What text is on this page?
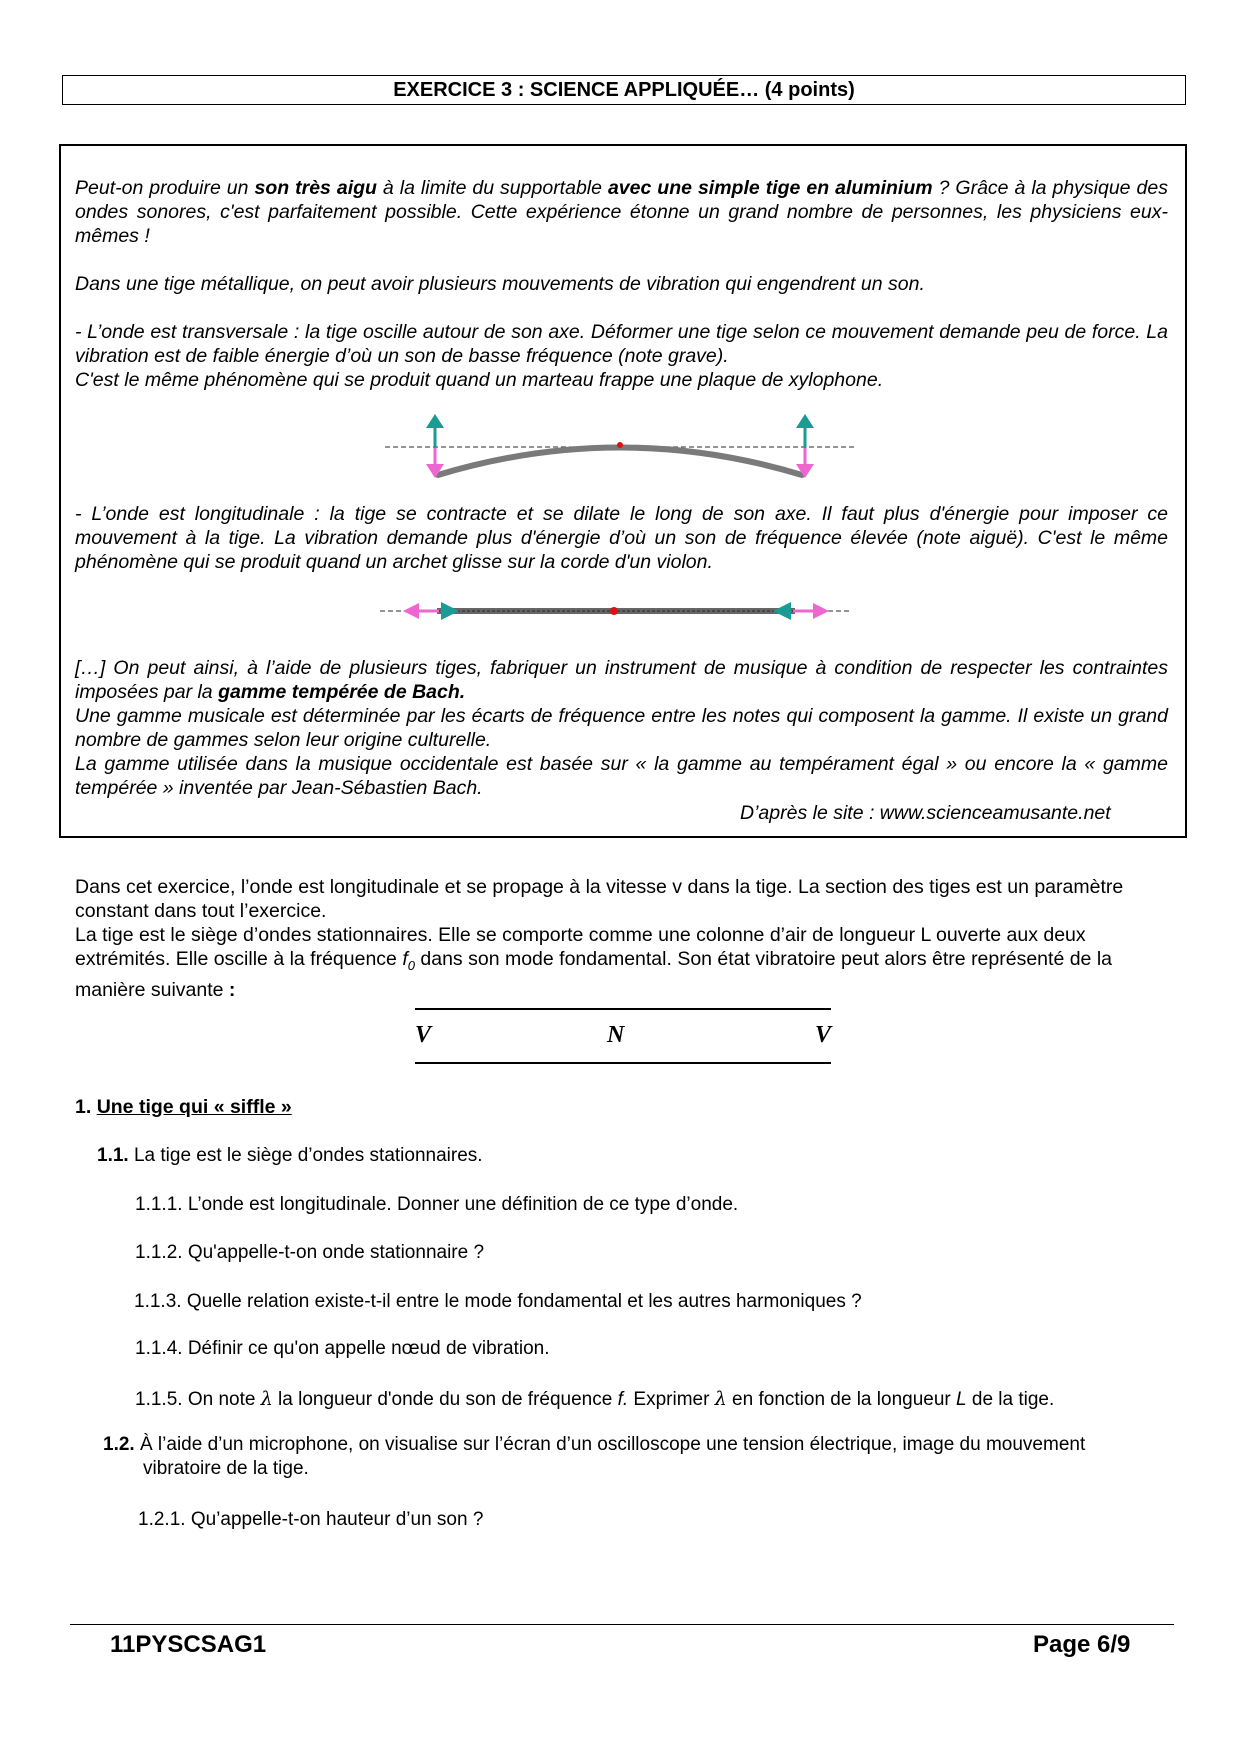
EXERCICE 3 : SCIENCE APPLIQUÉE… (4 points)

Peut-on produire un son très aigu à la limite du supportable avec une simple tige en aluminium ? Grâce à la physique des ondes sonores, c'est parfaitement possible. Cette expérience étonne un grand nombre de personnes, les physiciens eux-mêmes !

Dans une tige métallique, on peut avoir plusieurs mouvements de vibration qui engendrent un son.

- L’onde est transversale : la tige oscille autour de son axe. Déformer une tige selon ce mouvement demande peu de force. La vibration est de faible énergie d’où un son de basse fréquence (note grave).
C'est le même phénomène qui se produit quand un marteau frappe une plaque de xylophone.

- L’onde est longitudinale : la tige se contracte et se dilate le long de son axe. Il faut plus d'énergie pour imposer ce mouvement à la tige. La vibration demande plus d'énergie d’où un son de fréquence élevée (note aiguë). C'est le même phénomène qui se produit quand un archet glisse sur la corde d'un violon.

[…] On peut ainsi, à l’aide de plusieurs tiges, fabriquer un instrument de musique à condition de respecter les contraintes imposées par la gamme tempérée de Bach.
Une gamme musicale est déterminée par les écarts de fréquence entre les notes qui composent la gamme. Il existe un grand nombre de gammes selon leur origine culturelle.
La gamme utilisée dans la musique occidentale est basée sur « la gamme au tempérament égal » ou encore la « gamme tempérée » inventée par Jean-Sébastien Bach.

D’après le site : www.scienceamusante.net

Dans cet exercice, l’onde est longitudinale et se propage à la vitesse v dans la tige. La section des tiges est un paramètre constant dans tout l’exercice.

La tige est le siège d’ondes stationnaires. Elle se comporte comme une colonne d’air de longueur L ouverte aux deux extrémités. Elle oscille à la fréquence $f_0$ dans son mode fondamental. Son état vibratoire peut alors être représenté de la manière suivante :

V	N	V
1. Une tige qui « siffle »

1.1. La tige est le siège d’ondes stationnaires.

1.1.1. L’onde est longitudinale. Donner une définition de ce type d’onde.

1.1.2. Qu'appelle-t-on onde stationnaire ?

1.1.3. Quelle relation existe-t-il entre le mode fondamental et les autres harmoniques ?

1.1.4. Définir ce qu'on appelle nœud de vibration.

1.1.5. On note λ la longueur d'onde du son de fréquence f. Exprimer λ en fonction de la longueur L de la tige.

1.2. À l’aide d’un microphone, on visualise sur l’écran d’un oscilloscope une tension électrique, image du mouvement vibratoire de la tige.

1.2.1. Qu’appelle-t-on hauteur d’un son ?

11PYSCSAG1	Page 6/9
